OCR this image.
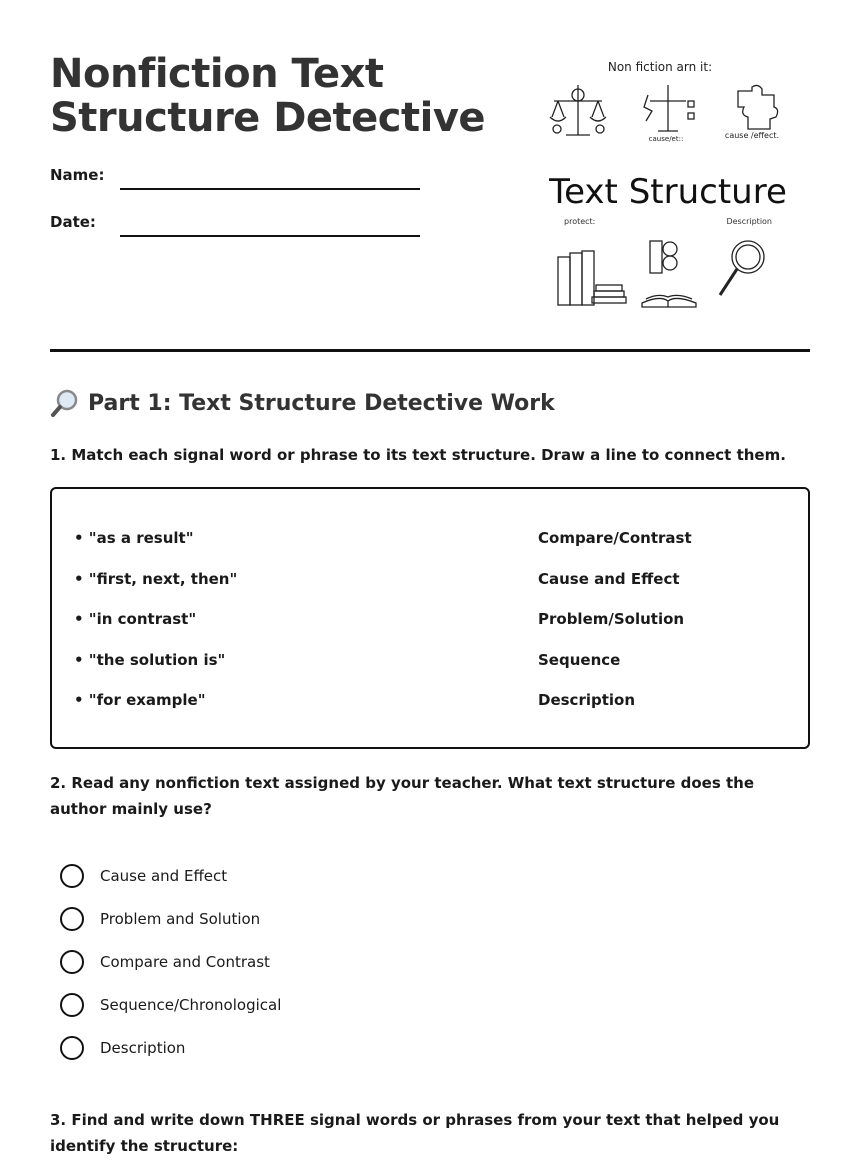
Nonfiction Text
Structure Detective
Name:
Date:
Non fiction arn it:
cause/et::	cause /effect.
Text Structure
protect:	Description
Part 1: Text Structure Detective Work

1. Match each signal word or phrase to its text structure. Draw a line to connect them.

• "as a result"	Compare/Contrast
• "first, next, then"	Cause and Effect
• "in contrast"	Problem/Solution
• "the solution is"	Sequence
• "for example"	Description

2. Read any nonfiction text assigned by your teacher. What text structure does the author mainly use?

Cause and Effect
Problem and Solution
Compare and Contrast
Sequence/Chronological
Description

3. Find and write down THREE signal words or phrases from your text that helped you identify the structure:
